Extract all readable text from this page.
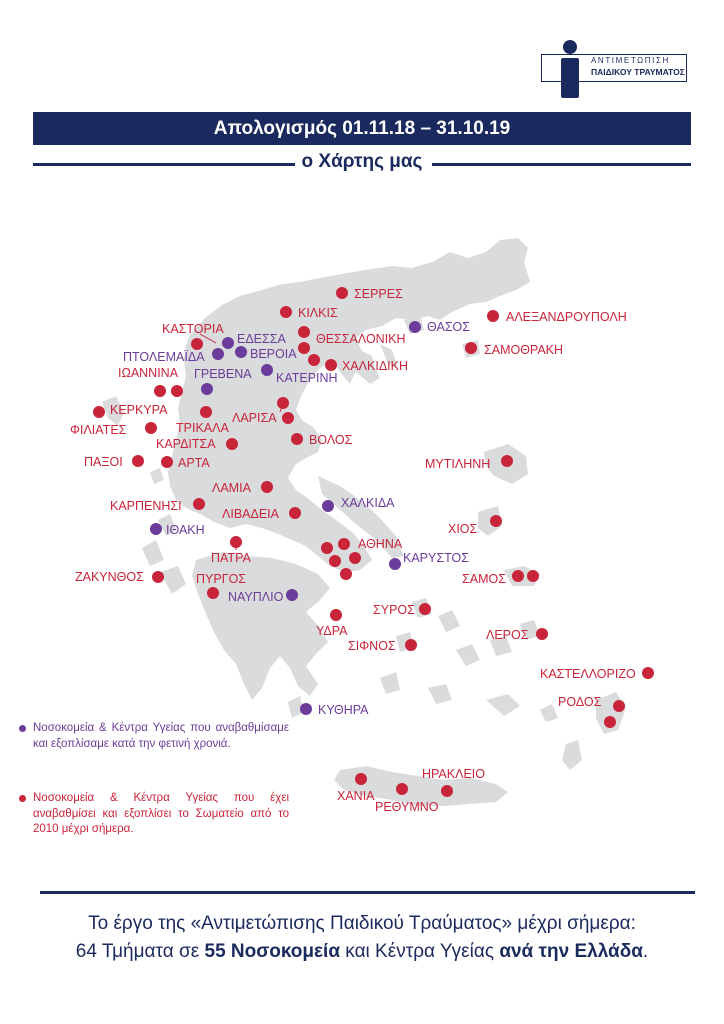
ΑΝΤΙΜΕΤΩΠΙΣΗ
ΠΑΙΔΙΚΟΥ ΤΡΑΥΜΑΤΟΣ
Απολογισμός 01.11.18 – 31.10.19
ο Χάρτης μας
ΣΕΡΡΕΣ
ΚΙΛΚΙΣ	ΑΛΕΞΑΝΔΡΟΥΠΟΛΗ
ΘΑΣΟΣ
ΚΑΣΤΟΡΙΑ
ΕΔΕΣΣΑ ΘΕΣΣΑΛΟΝΙΚΗ
ΣΑΜΟΘΡΑΚΗ
ΠΤΟΛΕΜΑΪΔΑ	ΒΕΡΟΙΑ
ΧΑΛΚΙΔΙΚΗ
ΙΩΑΝΝΙΝΑ ΓΡΕΒΕΝΑ ΚΑΤΕΡΙΝΗ
ΚΕΡΚΥΡΑ
ΛΑΡΙΣΑ
ΦΙΛΙΑΤΕΣ	ΤΡΙΚΑΛΑ
ΚΑΡΔΙΤΣΑ	ΒΟΛΟΣ
ΠΑΞΟΙ	ΑΡΤΑ	ΜΥΤΙΛΗΝΗ
ΛΑΜΙΑ
ΚΑΡΠΕΝΗΣΙ	ΧΑΛΚΙΔΑ
ΛΙΒΑΔΕΙΑ
ΙΘΑΚΗ	ΧΙΟΣ
ΑΘΗΝΑ
ΠΑΤΡΑ	ΚΑΡΥΣΤΟΣ
ΖΑΚΥΝΘΟΣ	ΣΑΜΟΣ
ΠΥΡΓΟΣ
ΝΑΥΠΛΙΟ
ΣΥΡΟΣ
ΛΕΡΟΣ
ΥΔΡΑ
ΣΙΦΝΟΣ
ΚΑΣΤΕΛΛΟΡΙΖΟ
ΡΟΔΟΣ
ΚΥΘΗΡΑ
ΗΡΑΚΛΕΙΟ
ΧΑΝΙΑ
ΡΕΘΥΜΝΟ
Νοσοκομεία & Κέντρα Υγείας που αναβαθμίσαμε και εξοπλίσαμε κατά την φετινή χρονιά.
Νοσοκομεία & Κέντρα Υγείας που έχει αναβαθμίσει και εξοπλίσει το Σωματείο από το 2010 μέχρι σήμερα.
Το έργο της «Αντιμετώπισης Παιδικού Τραύματος» μέχρι σήμερα:
64 Τμήματα σε 55 Νοσοκομεία και Κέντρα Υγείας ανά την Ελλάδα.
